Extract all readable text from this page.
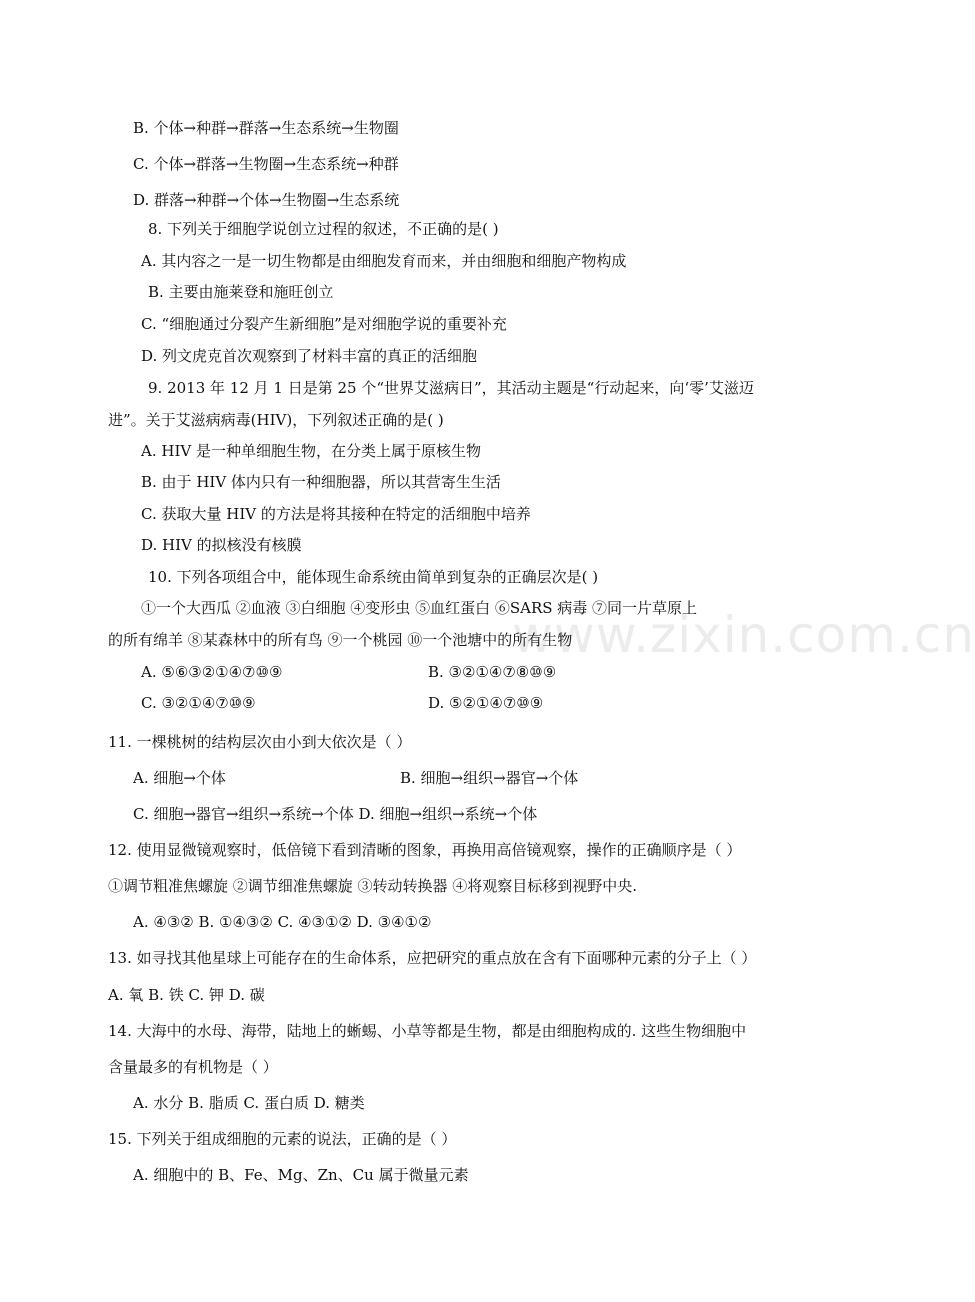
www.zixin.com.cn
B. 个体→种群→群落→生态系统→生物圈
C. 个体→群落→生物圈→生态系统→种群
D. 群落→种群→个体→生物圈→生态系统
8. 下列关于细胞学说创立过程的叙述，不正确的是( )
A. 其内容之一是一切生物都是由细胞发育而来，并由细胞和细胞产物构成
B. 主要由施莱登和施旺创立
C. “细胞通过分裂产生新细胞”是对细胞学说的重要补充
D. 列文虎克首次观察到了材料丰富的真正的活细胞
9. 2013 年 12 月 1 日是第 25 个“世界艾滋病日”，其活动主题是“行动起来，向‘零’艾滋迈
进”。关于艾滋病病毒(HIV)，下列叙述正确的是( )
A. HIV 是一种单细胞生物，在分类上属于原核生物
B. 由于 HIV 体内只有一种细胞器，所以其营寄生生活
C. 获取大量 HIV 的方法是将其接种在特定的活细胞中培养
D. HIV 的拟核没有核膜
10. 下列各项组合中，能体现生命系统由简单到复杂的正确层次是( )
①一个大西瓜 ②血液 ③白细胞 ④变形虫 ⑤血红蛋白 ⑥SARS 病毒 ⑦同一片草原上
的所有绵羊 ⑧某森林中的所有鸟 ⑨一个桃园 ⑩一个池塘中的所有生物
A. ⑤⑥③②①④⑦⑩⑨	B. ③②①④⑦⑧⑩⑨
C. ③②①④⑦⑩⑨	D. ⑤②①④⑦⑩⑨
11. 一棵桃树的结构层次由小到大依次是（ ）
A. 细胞→个体	B. 细胞→组织→器官→个体
C. 细胞→器官→组织→系统→个体 D. 细胞→组织→系统→个体
12. 使用显微镜观察时，低倍镜下看到清晰的图象，再换用高倍镜观察，操作的正确顺序是（ ）
①调节粗准焦螺旋 ②调节细准焦螺旋 ③转动转换器 ④将观察目标移到视野中央.
A. ④③② B. ①④③② C. ④③①② D. ③④①②
13. 如寻找其他星球上可能存在的生命体系，应把研究的重点放在含有下面哪种元素的分子上（ ）
A. 氧 B. 铁 C. 钾 D. 碳
14. 大海中的水母、海带，陆地上的蜥蜴、小草等都是生物，都是由细胞构成的. 这些生物细胞中
含量最多的有机物是（ ）
A. 水分 B. 脂质 C. 蛋白质 D. 糖类
15. 下列关于组成细胞的元素的说法，正确的是（ ）
A. 细胞中的 B、Fe、Mg、Zn、Cu 属于微量元素
